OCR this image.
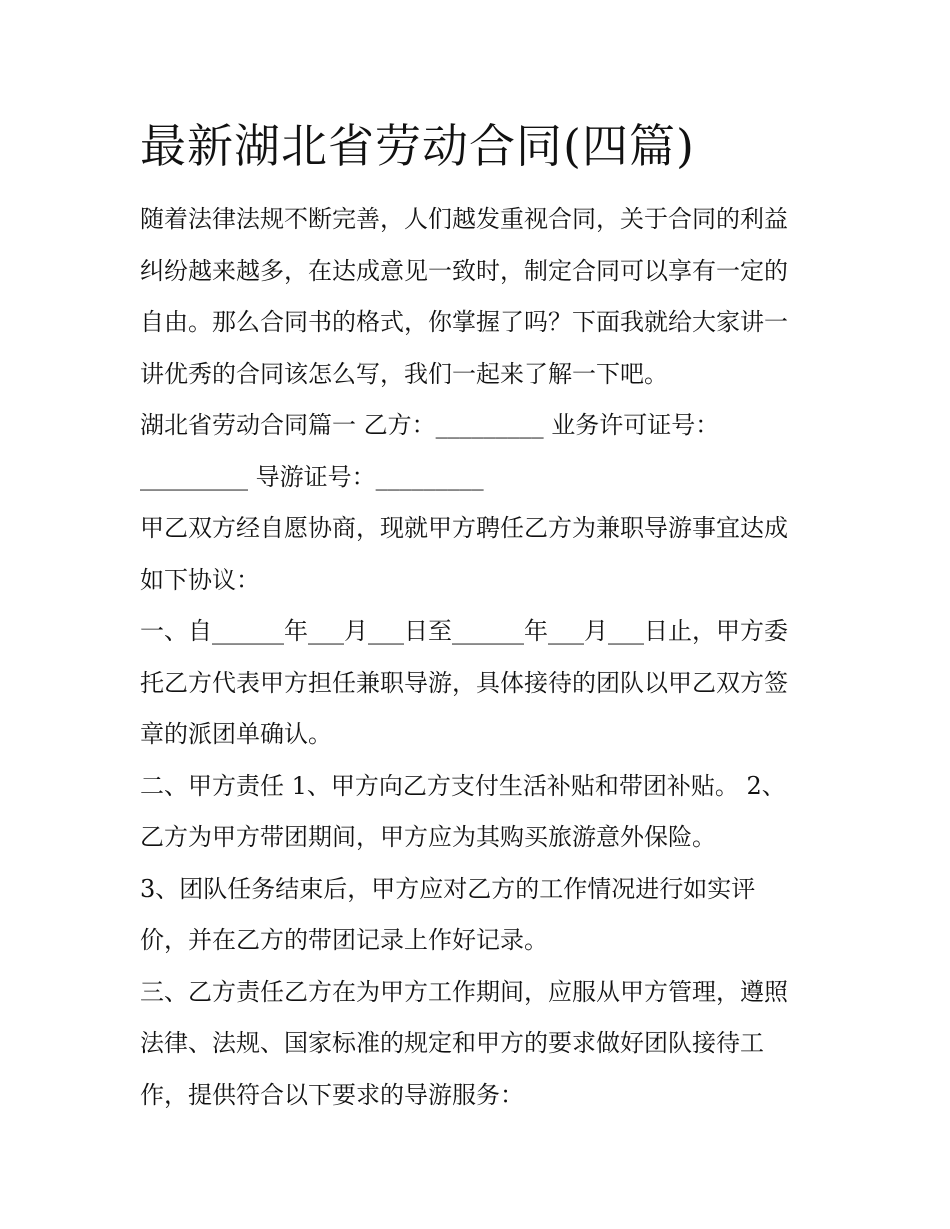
最新湖北省劳动合同(四篇)

随着法律法规不断完善，人们越发重视合同，关于合同的利益

纠纷越来越多，在达成意见一致时，制定合同可以享有一定的

自由。那么合同书的格式，你掌握了吗？下面我就给大家讲一

讲优秀的合同该怎么写，我们一起来了解一下吧。

湖北省劳动合同篇一 乙方：_________ 业务许可证号：

_________ 导游证号：_________

甲乙双方经自愿协商，现就甲方聘任乙方为兼职导游事宜达成

如下协议：

一、自______年___月___日至______年___月___日止，甲方委

托乙方代表甲方担任兼职导游，具体接待的团队以甲乙双方签

章的派团单确认。

二、甲方责任 1、甲方向乙方支付生活补贴和带团补贴。 2、

乙方为甲方带团期间，甲方应为其购买旅游意外保险。

3、团队任务结束后，甲方应对乙方的工作情况进行如实评

价，并在乙方的带团记录上作好记录。

三、乙方责任乙方在为甲方工作期间，应服从甲方管理，遵照

法律、法规、国家标准的规定和甲方的要求做好团队接待工

作，提供符合以下要求的导游服务：
